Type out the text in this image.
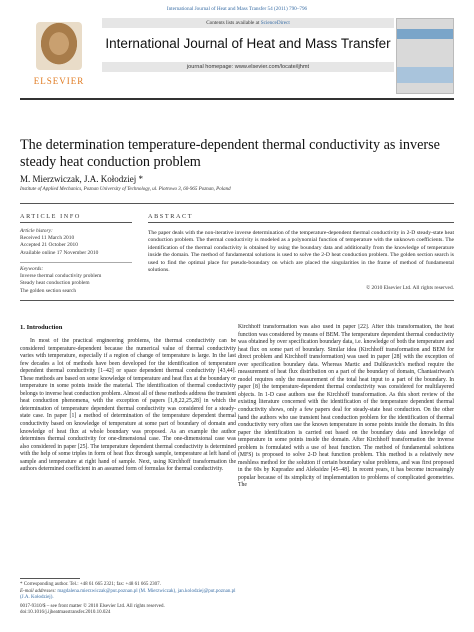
International Journal of Heat and Mass Transfer 54 (2011) 790–796
ELSEVIER
Contents lists available at ScienceDirect
International Journal of Heat and Mass Transfer
journal homepage: www.elsevier.com/locate/ijhmt
The determination temperature-dependent thermal conductivity as inverse steady heat conduction problem
M. Mierzwiczak, J.A. Kołodziej *
Institute of Applied Mechanics, Poznan University of Technology, ul. Piotrowo 3, 60-965 Poznan, Poland
ARTICLE INFO
Article history:
Received 11 March 2010
Accepted 21 October 2010
Available online 17 November 2010
Keywords:
Inverse thermal conductivity problem
Steady heat conduction problem
The golden section search
ABSTRACT
The paper deals with the non-iterative inverse determination of the temperature-dependent thermal conductivity in 2-D steady-state heat conduction problem. The thermal conductivity is modeled as a polynomial function of temperature with the unknown coefficients. The identification of the thermal conductivity is obtained by using the boundary data and additionally from the knowledge of temperature inside the domain. The method of fundamental solutions is used to solve the 2-D heat conduction problem. The golden section search is used to find the optimal place for pseudo-boundary on which are placed the singularities in the frame of method of fundamental solutions.
© 2010 Elsevier Ltd. All rights reserved.
1. Introduction
In most of the practical engineering problems, the thermal conductivity can be considered temperature-dependent because the numerical value of thermal conductivity varies with temperature, especially if a region of change of temperature is large. In the last few decades a lot of methods have been developed for the identification of temperature dependent thermal conductivity [1–42] or space dependent thermal conductivity [43,44]. These methods are based on some knowledge of temperature and heat flux at the boundary or temperature in some points inside the material. The identification of thermal conductivity belongs to inverse heat conduction problem. Almost all of these methods address the transient heat conduction phenomena, with the exception of papers [1,8,22,25,28] in which the determination of temperature dependent thermal conductivity was considered for a steady-state case. In paper [1] a method of determination of the temperature dependent thermal conductivity based on knowledge of temperature at some part of boundary of domain and knowledge of heat flux at whole boundary was proposed. As an example the author determines thermal conductivity for one-dimensional case. The one-dimensional case was also considered in paper [25]. The temperature dependent thermal conductivity is determined with the help of some triples in form of heat flux through sample, temperature at left hand of sample and temperature at right hand of sample. Next, using Kirchhoff transformation the authors determined coefficient in an assumed form of formulas for thermal conductivity.
Kirchhoff transformation was also used in paper [22]. After this transformation, the heat function was considered by means of BEM. The temperature dependent thermal conductivity was obtained by over specification boundary data, i.e. knowledge of both the temperature and heat flux on some part of boundary. Similar idea (Kirchhoff transformation and BEM for direct problem and Kirchhoff transformation) was used in paper [28] with the exception of over specification boundary data. Whereas Martic and Dulikravich's method require the measurement of heat flux distribution on a part of the boundary of domain, Chantasiriwan's model requires only the measurement of the total heat input to a part of the boundary. In paper [8] the temperature-dependent thermal conductivity was considered for multilayered objects. In 1-D case authors use the Kirchhoff transformation. As this short review of the existing literature concerned with the identification of the temperature dependent thermal conductivity shows, only a few papers deal for steady-state heat conduction. On the other hand the authors who use transient heat conduction problem for the identification of thermal conductivity very often use the known temperature in some points inside the domain. In this paper the identification is carried out based on the boundary data and knowledge of temperature in some points inside the domain. After Kirchhoff transformation the inverse problem is formulated with a use of heat function. The method of fundamental solutions (MFS) is proposed to solve 2-D heat function problem. This method is a relatively new meshless method for the solution if certain boundary value problems, and was first proposed in the 60s by Kupradze and Aleksidze [45–48]. In recent years, it has become increasingly popular because of its simplicity of implementation to problems of complicated geometries. The
* Corresponding author. Tel.: +48 61 665 2321; fax: +48 61 665 2307.
E-mail addresses: magdalena.mierzwiczak@put.poznan.pl (M. Mierzwiczak), jan.kolodziej@put.poznan.pl (J.A. Kołodziej).
0017-9310/$ – see front matter © 2010 Elsevier Ltd. All rights reserved.
doi:10.1016/j.ijheatmasstransfer.2010.10.024
